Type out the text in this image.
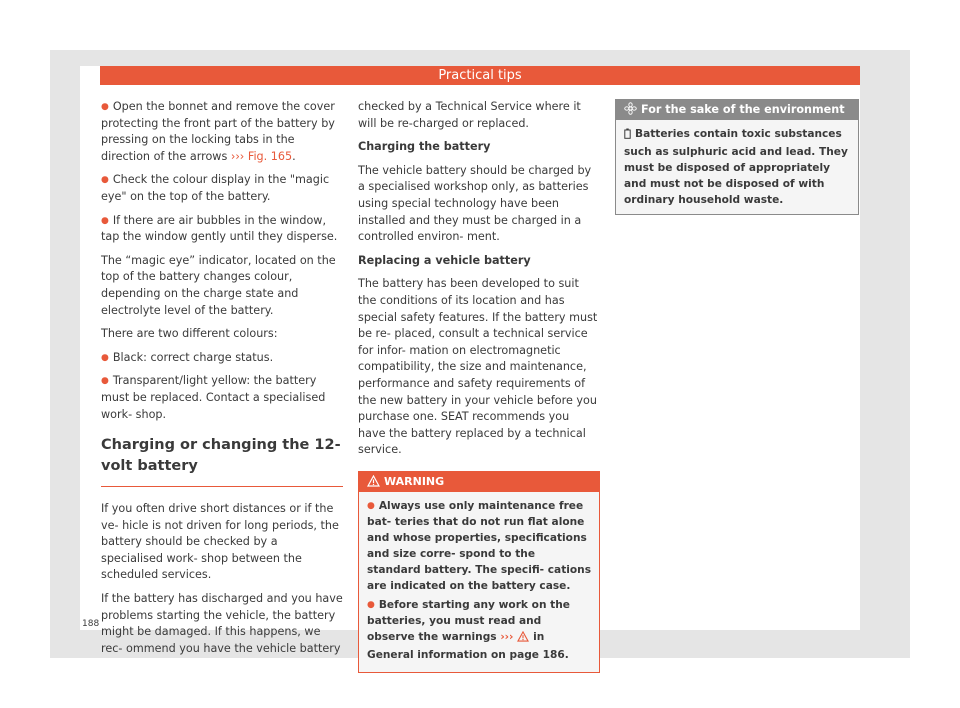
Practical tips

● Open the bonnet and remove the cover protecting the front part of the battery by pressing on the locking tabs in the direction of the arrows ››› Fig. 165.

● Check the colour display in the "magic eye" on the top of the battery.

● If there are air bubbles in the window, tap the window gently until they disperse.

The “magic eye” indicator, located on the top of the battery changes colour, depending on the charge state and electrolyte level of the battery.

There are two different colours:

● Black: correct charge status.

● Transparent/light yellow: the battery must be replaced. Contact a specialised work- shop.

Charging or changing the 12-volt battery

If you often drive short distances or if the ve- hicle is not driven for long periods, the battery should be checked by a specialised work- shop between the scheduled services.

If the battery has discharged and you have problems starting the vehicle, the battery might be damaged. If this happens, we rec- ommend you have the vehicle battery

checked by a Technical Service where it will be re-charged or replaced.

Charging the battery

The vehicle battery should be charged by a specialised workshop only, as batteries using special technology have been installed and they must be charged in a controlled environ- ment.

Replacing a vehicle battery

The battery has been developed to suit the conditions of its location and has special safety features. If the battery must be re- placed, consult a technical service for infor- mation on electromagnetic compatibility, the size and maintenance, performance and safety requirements of the new battery in your vehicle before you purchase one. SEAT recommends you have the battery replaced by a technical service.

WARNING

● Always use only maintenance free bat- teries that do not run flat alone and whose properties, specifications and size corre- spond to the standard battery. The specifi- cations are indicated on the battery case.

● Before starting any work on the batteries, you must read and observe the warnings ››› in General information on page 186.

For the sake of the environment
Batteries contain toxic substances such as sulphuric acid and lead. They must be disposed of appropriately and must not be disposed of with ordinary household waste.
188
